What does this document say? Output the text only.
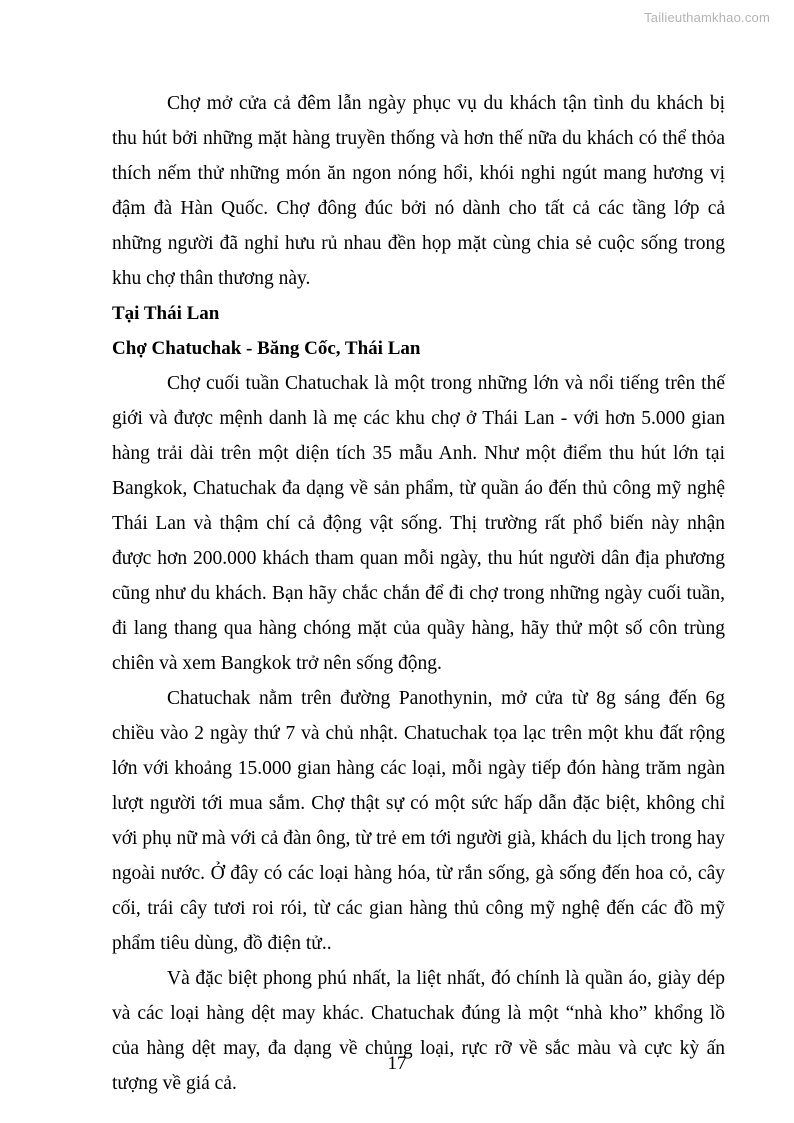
Tailieuthamkhao.com

Chợ mở cửa cả đêm lẫn ngày phục vụ du khách tận tình du khách bị thu hút bởi những mặt hàng truyền thống và hơn thế nữa du khách có thể thỏa thích nếm thử những món ăn ngon nóng hổi, khói nghi ngút mang hương vị đậm đà Hàn Quốc. Chợ đông đúc bởi nó dành cho tất cả các tầng lớp cả những người đã nghỉ hưu rủ nhau đền họp mặt cùng chia sẻ cuộc sống trong khu chợ thân thương này.

Tại Thái Lan
Chợ Chatuchak - Băng Cốc, Thái Lan

Chợ cuối tuần Chatuchak là một trong những lớn và nổi tiếng trên thế giới và được mệnh danh là mẹ các khu chợ ở Thái Lan - với hơn 5.000 gian hàng trải dài trên một diện tích 35 mẫu Anh. Như một điểm thu hút lớn tại Bangkok, Chatuchak đa dạng về sản phẩm, từ quần áo đến thủ công mỹ nghệ Thái Lan và thậm chí cả động vật sống. Thị trường rất phổ biến này nhận được hơn 200.000 khách tham quan mỗi ngày, thu hút người dân địa phương cũng như du khách. Bạn hãy chắc chắn để đi chợ trong những ngày cuối tuần, đi lang thang qua hàng chóng mặt của quầy hàng, hãy thử một số côn trùng chiên và xem Bangkok trở nên sống động.

Chatuchak nằm trên đường Panothynin, mở cửa từ 8g sáng đến 6g chiều vào 2 ngày thứ 7 và chủ nhật. Chatuchak tọa lạc trên một khu đất rộng lớn với khoảng 15.000 gian hàng các loại, mỗi ngày tiếp đón hàng trăm ngàn lượt người tới mua sắm. Chợ thật sự có một sức hấp dẫn đặc biệt, không chỉ với phụ nữ mà với cả đàn ông, từ trẻ em tới người già, khách du lịch trong hay ngoài nước. Ở đây có các loại hàng hóa, từ rắn sống, gà sống đến hoa cỏ, cây cối, trái cây tươi roi rói, từ các gian hàng thủ công mỹ nghệ đến các đồ mỹ phẩm tiêu dùng, đồ điện tử..

Và đặc biệt phong phú nhất, la liệt nhất, đó chính là quần áo, giày dép và các loại hàng dệt may khác. Chatuchak đúng là một “nhà kho” khổng lồ của hàng dệt may, đa dạng về chủng loại, rực rỡ về sắc màu và cực kỳ ấn tượng về giá cả.

17
